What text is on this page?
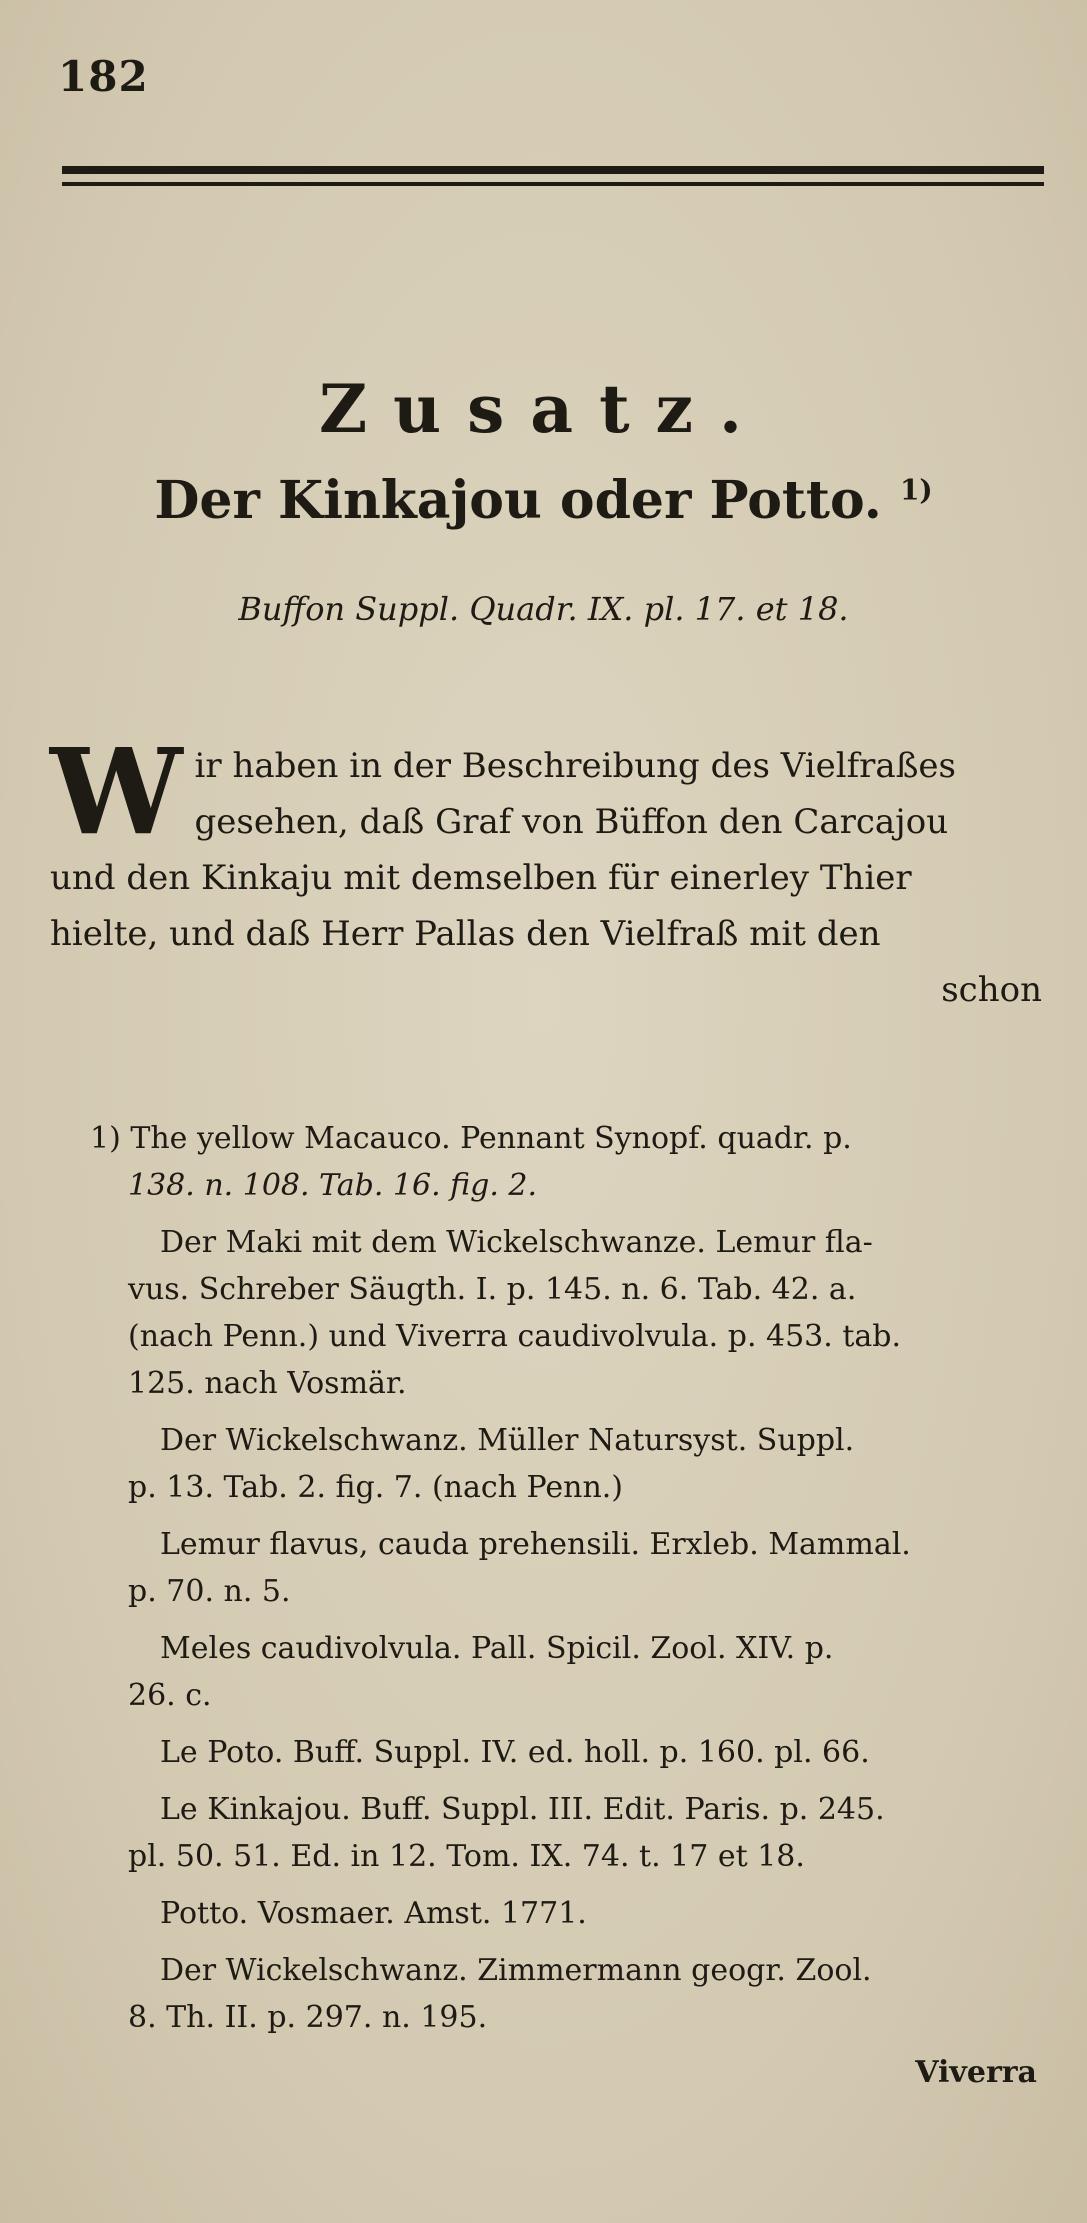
182
Zusatz.
Der Kinkajou oder Potto. $^{1)}$
Buffon Suppl. Quadr. IX. pl. 17. et 18.
W ir haben in der Beschreibung des Vielfraßes
gesehen, daß Graf von Büffon den Carcajou
und den Kinkaju mit demselben für einerley Thier
hielte, und daß Herr Pallas den Vielfraß mit den
schon
1) The yellow Macauco. Pennant Synopf. quadr. p.
138. n. 108. Tab. 16. fig. 2.
Der Maki mit dem Wickelschwanze. Lemur fla-
vus. Schreber Säugth. I. p. 145. n. 6. Tab. 42. a.
(nach Penn.) und Viverra caudivolvula. p. 453. tab.
125. nach Vosmär.
Der Wickelschwanz. Müller Natursyst. Suppl.
p. 13. Tab. 2. fig. 7. (nach Penn.)
Lemur flavus, cauda prehensili. Erxleb. Mammal.
p. 70. n. 5.
Meles caudivolvula. Pall. Spicil. Zool. XIV. p.
26. c.
Le Poto. Buff. Suppl. IV. ed. holl. p. 160. pl. 66.
Le Kinkajou. Buff. Suppl. III. Edit. Paris. p. 245.
pl. 50. 51. Ed. in 12. Tom. IX. 74. t. 17 et 18.
Potto. Vosmaer. Amst. 1771.
Der Wickelschwanz. Zimmermann geogr. Zool.
8. Th. II. p. 297. n. 195.
Viverra
